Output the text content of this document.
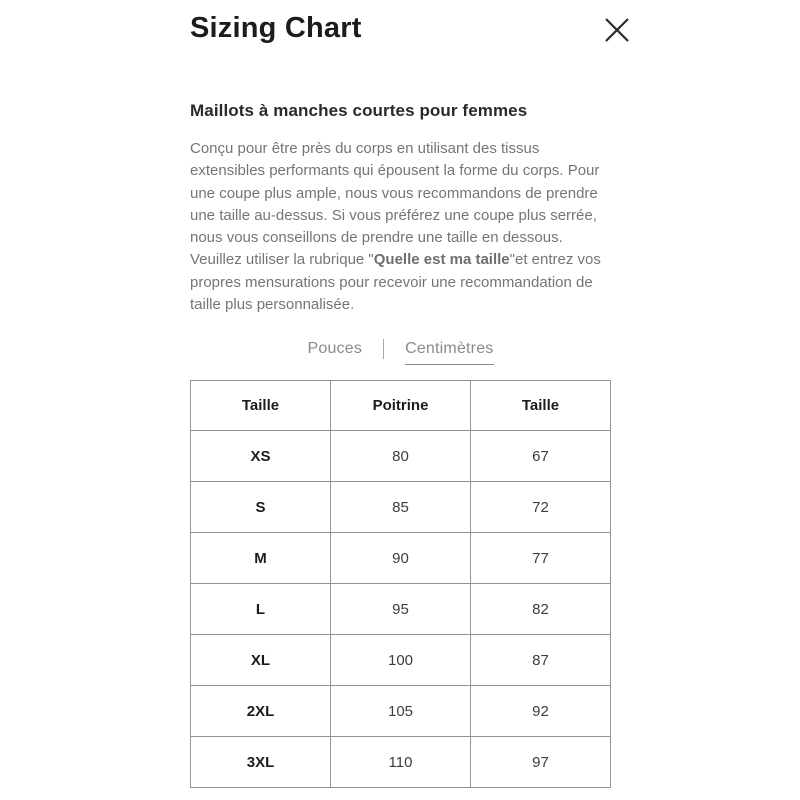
Sizing Chart
Maillots à manches courtes pour femmes

Conçu pour être près du corps en utilisant des tissus extensibles performants qui épousent la forme du corps. Pour une coupe plus ample, nous vous recommandons de prendre une taille au-dessus. Si vous préférez une coupe plus serrée, nous vous conseillons de prendre une taille en dessous.

Veuillez utiliser la rubrique "Quelle est ma taille"et entrez vos propres mensurations pour recevoir une recommandation de taille plus personnalisée.

Pouces	Centimètres
Taille	Poitrine	Taille
XS	80	67
S	85	72
M	90	77
L	95	82
XL	100	87
2XL	105	92
3XL	110	97
